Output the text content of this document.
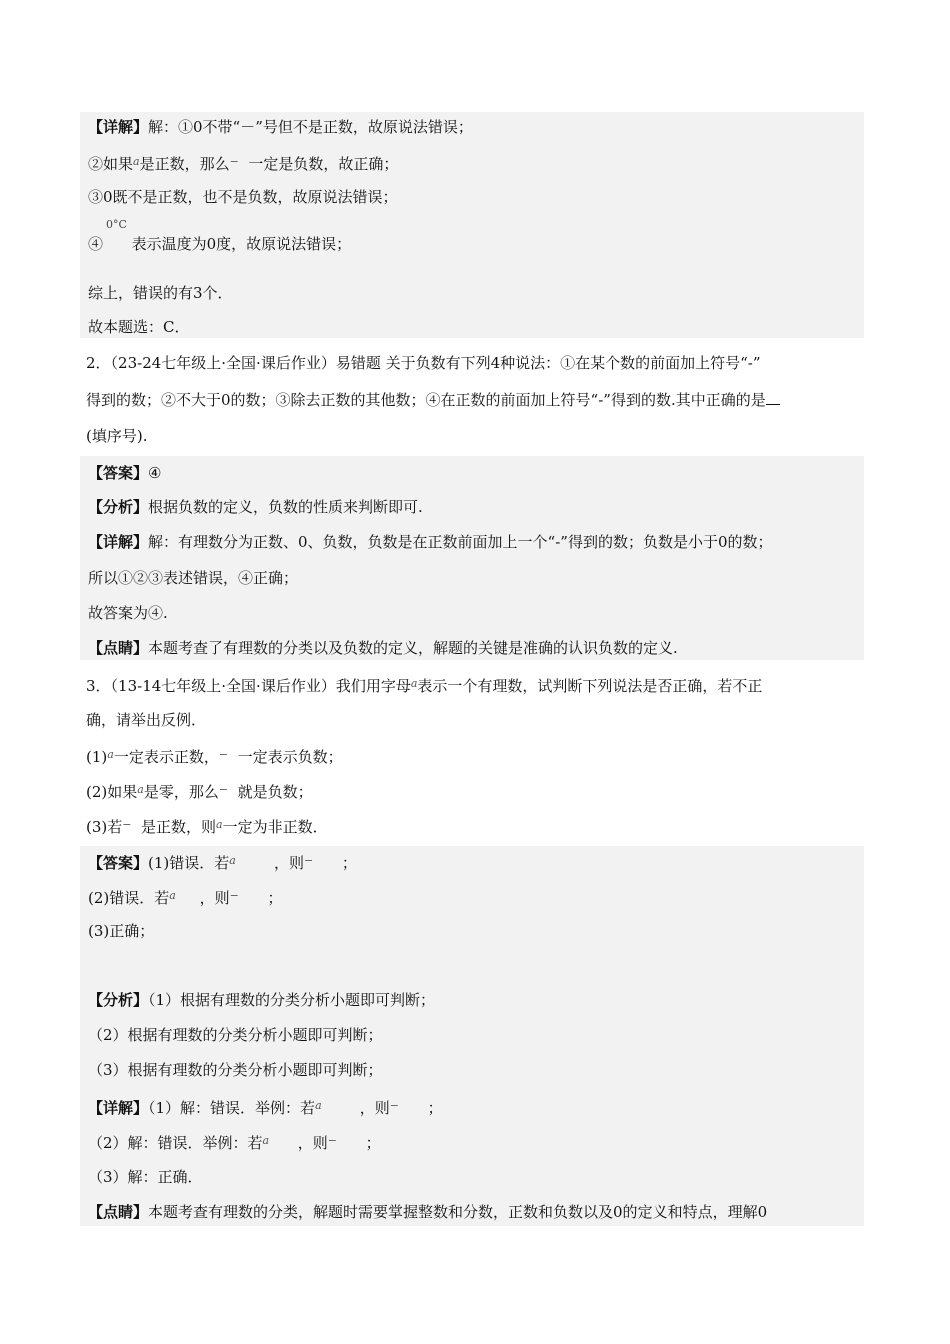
【详解】解：①0不带“－”号但不是正数，故原说法错误；
②如果$^a$是正数，那么− 一定是负数，故正确；
③0既不是正数，也不是负数，故原说法错误；
0°C
④ 表示温度为0度，故原说法错误；
综上，错误的有3个．
故本题选：C．
2．（23-24七年级上·全国·课后作业）易错题 关于负数有下列4种说法：①在某个数的前面加上符号“-”
得到的数；②不大于0的数；③除去正数的其他数；④在正数的前面加上符号“-”得到的数.其中正确的是
(填序号).
【答案】④
【分析】根据负数的定义，负数的性质来判断即可.
【详解】解：有理数分为正数、0、负数，负数是在正数前面加上一个“-”得到的数；负数是小于0的数；
所以①②③表述错误，④正确；
故答案为④.
【点睛】本题考查了有理数的分类以及负数的定义，解题的关键是准确的认识负数的定义.
3．（13-14七年级上·全国·课后作业）我们用字母$^a$表示一个有理数，试判断下列说法是否正确，若不正
确，请举出反例．
$(1)^a$一定表示正数，− 一定表示负数；
(2)如果$^a$是零，那么− 就是负数；
(3)若− 是正数，则$^a$一定为非正数．
【答案】(1)错误．若$^a$	，则− ；
(2)错误．若$^a$ ，则− ；
(3)正确；
【分析】（1）根据有理数的分类分析小题即可判断；
（2）根据有理数的分类分析小题即可判断；
（3）根据有理数的分类分析小题即可判断；
【详解】（1）解：错误．举例：若$^a$	，则− ；
（2）解：错误．举例：若$^a$ ，则− ；
（3）解：正确．
【点睛】本题考查有理数的分类，解题时需要掌握整数和分数，正数和负数以及0的定义和特点，理解0
